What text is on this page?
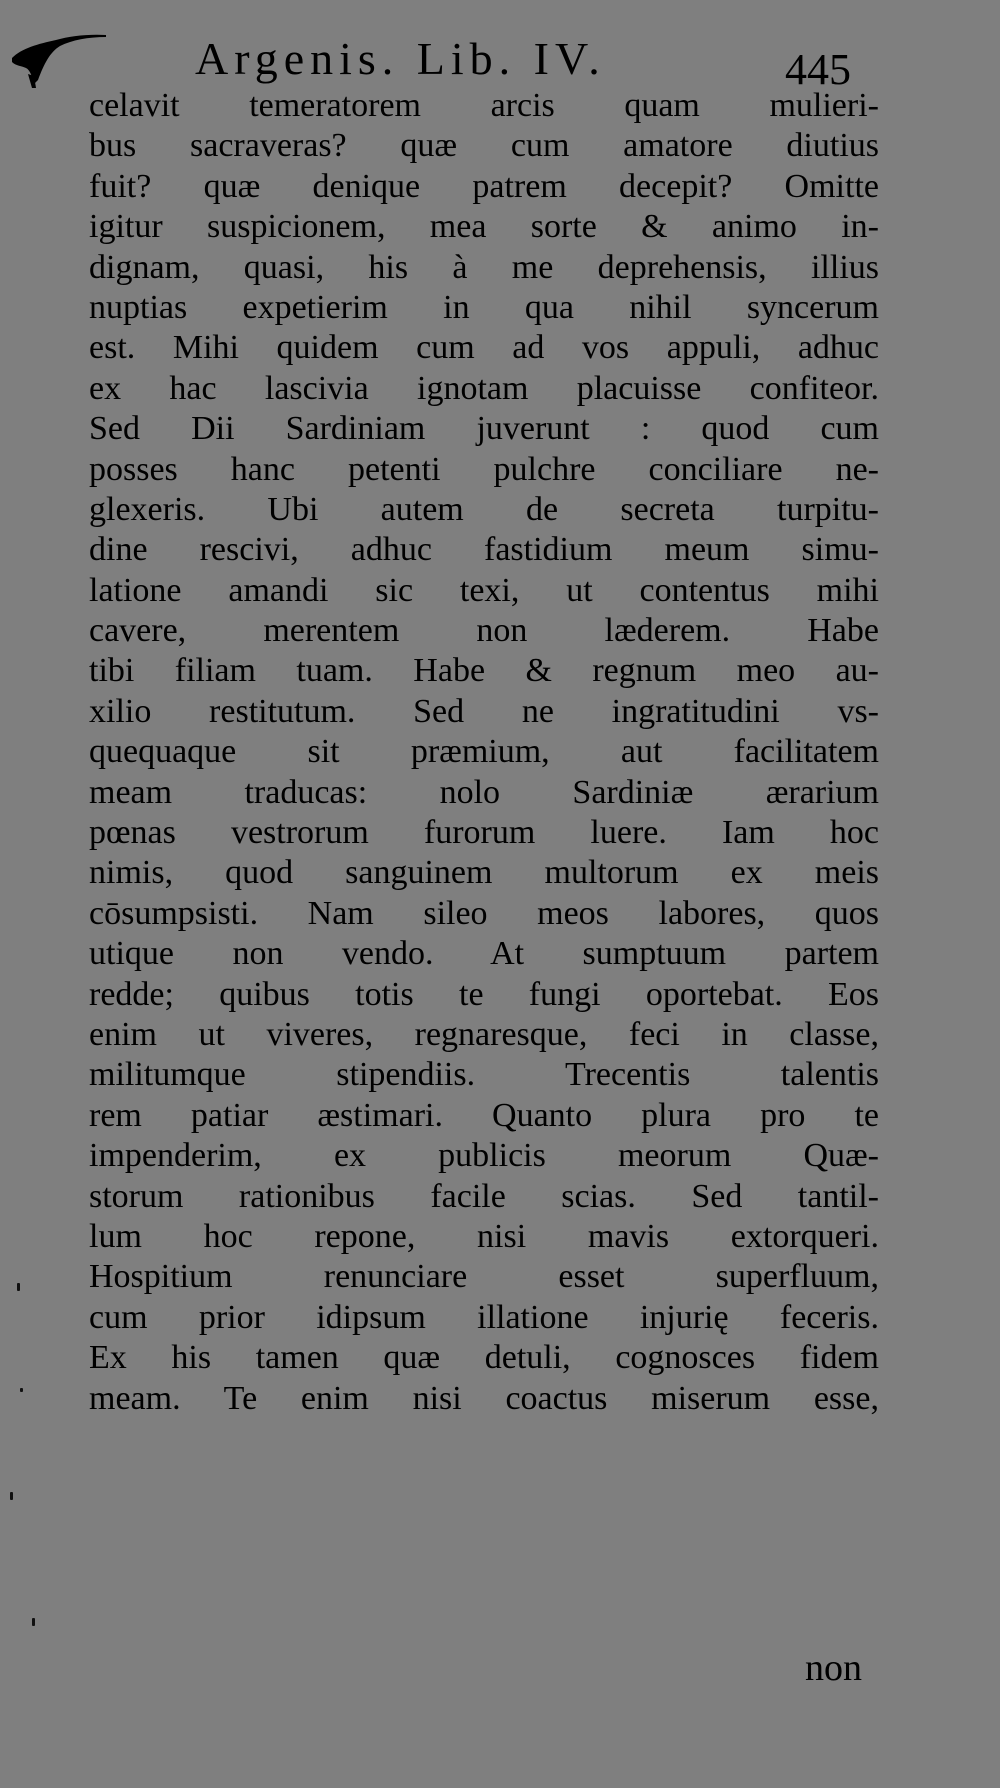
Argenis. Lib. IV.	445
celavit temeratorem arcis quam mulieri-
bus sacraveras? quæ cum amatore diutius
fuit? quæ denique patrem decepit? Omitte
igitur suspicionem, mea sorte & animo in-
dignam, quasi, his à me deprehensis, illius
nuptias expetierim in qua nihil syncerum
est. Mihi quidem cum ad vos appuli, adhuc
ex hac lascivia ignotam placuisse confiteor.
Sed Dii Sardiniam juverunt : quod cum
posses hanc petenti pulchre conciliare ne-
glexeris. Ubi autem de secreta turpitu-
dine rescivi, adhuc fastidium meum simu-
latione amandi sic texi, ut contentus mihi
cavere, merentem non læderem. Habe
tibi filiam tuam. Habe & regnum meo au-
xilio restitutum. Sed ne ingratitudini vs-
quequaque sit præmium, aut facilitatem
meam traducas: nolo Sardiniæ ærarium
pœnas vestrorum furorum luere. Iam hoc
nimis, quod sanguinem multorum ex meis
cōsumpsisti. Nam sileo meos labores, quos
utique non vendo. At sumptuum partem
redde; quibus totis te fungi oportebat. Eos
enim ut viveres, regnaresque, feci in classe,
militumque stipendiis. Trecentis talentis
rem patiar æstimari. Quanto plura pro te
impenderim, ex publicis meorum Quæ-
storum rationibus facile scias. Sed tantil-
lum hoc repone, nisi mavis extorqueri.
Hospitium renunciare esset superfluum,
cum prior idipsum illatione injurię feceris.
Ex his tamen quæ detuli, cognosces fidem
meam. Te enim nisi coactus miserum esse,
non
